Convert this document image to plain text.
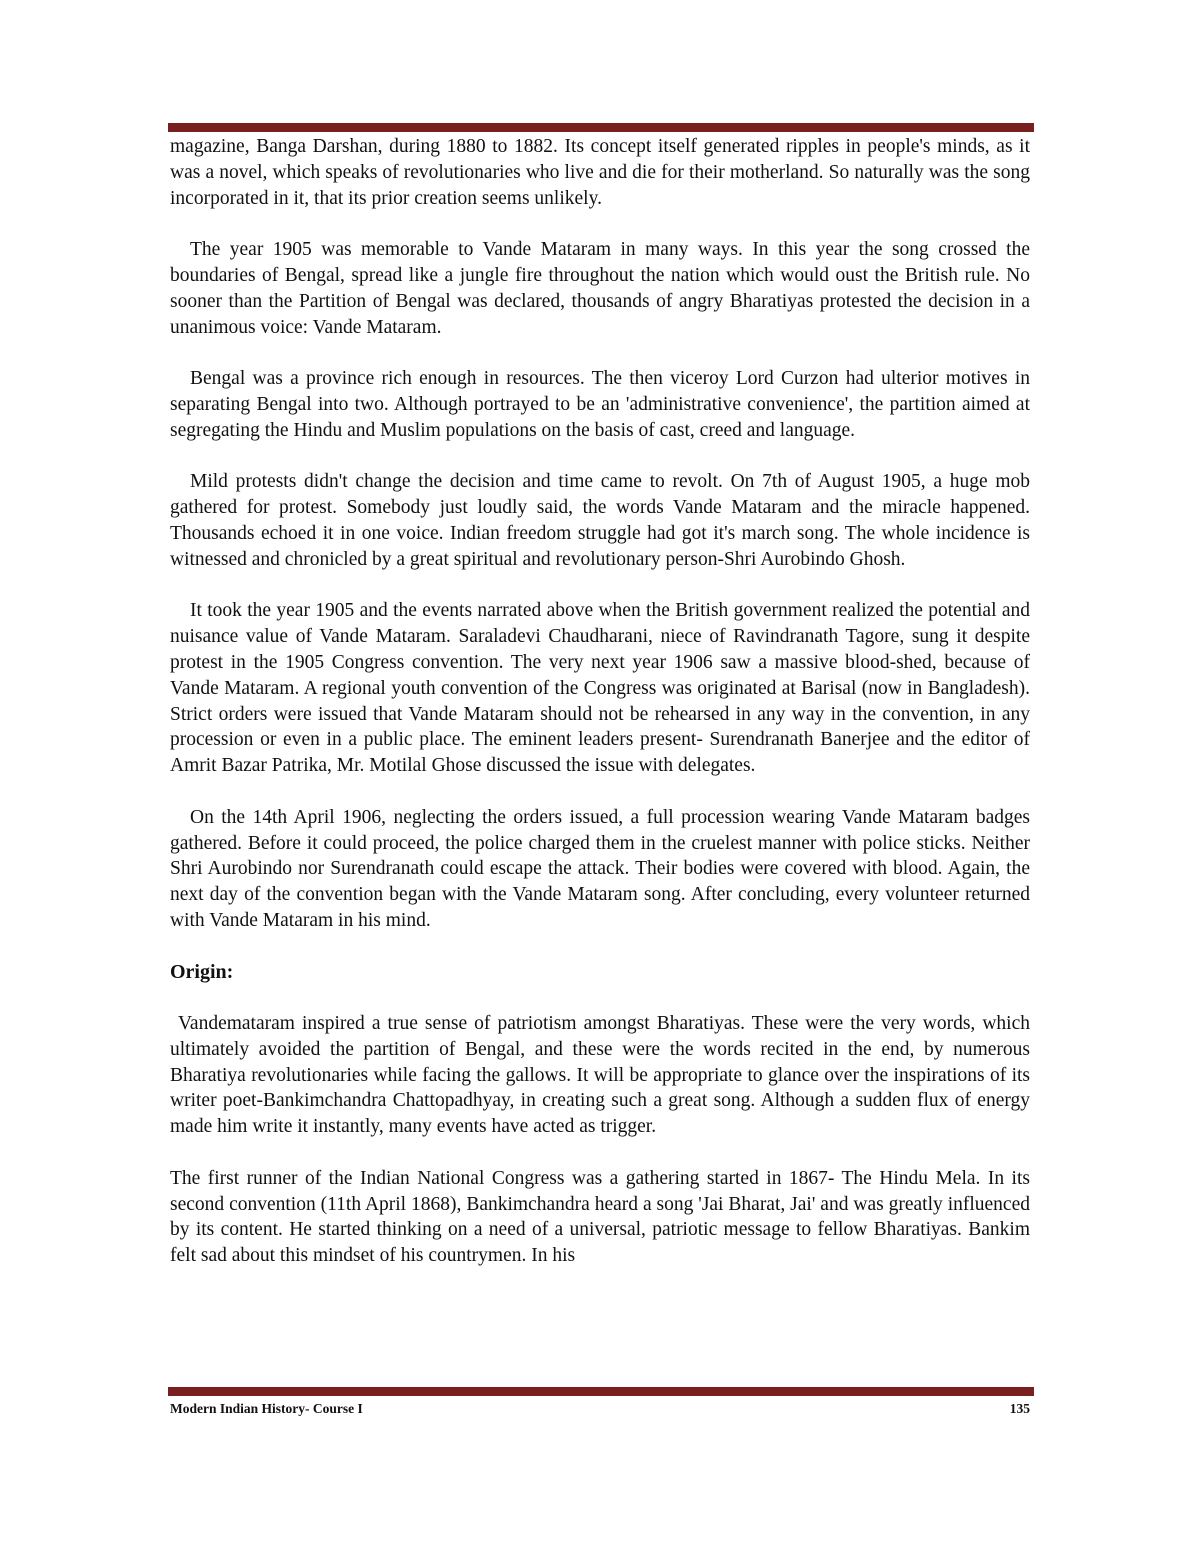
magazine, Banga Darshan, during 1880 to 1882. Its concept itself generated ripples in people's minds, as it was a novel, which speaks of revolutionaries who live and die for their motherland. So naturally was the song incorporated in it, that its prior creation seems unlikely.

The year 1905 was memorable to Vande Mataram in many ways. In this year the song crossed the boundaries of Bengal, spread like a jungle fire throughout the nation which would oust the British rule. No sooner than the Partition of Bengal was declared, thousands of angry Bharatiyas protested the decision in a unanimous voice: Vande Mataram.

Bengal was a province rich enough in resources. The then viceroy Lord Curzon had ulterior motives in separating Bengal into two. Although portrayed to be an 'administrative convenience', the partition aimed at segregating the Hindu and Muslim populations on the basis of cast, creed and language.

Mild protests didn't change the decision and time came to revolt. On 7th of August 1905, a huge mob gathered for protest. Somebody just loudly said, the words Vande Mataram and the miracle happened. Thousands echoed it in one voice. Indian freedom struggle had got it's march song. The whole incidence is witnessed and chronicled by a great spiritual and revolutionary person-Shri Aurobindo Ghosh.

It took the year 1905 and the events narrated above when the British government realized the potential and nuisance value of Vande Mataram. Saraladevi Chaudharani, niece of Ravindranath Tagore, sung it despite protest in the 1905 Congress convention. The very next year 1906 saw a massive blood-shed, because of Vande Mataram. A regional youth convention of the Congress was originated at Barisal (now in Bangladesh). Strict orders were issued that Vande Mataram should not be rehearsed in any way in the convention, in any procession or even in a public place. The eminent leaders present- Surendranath Banerjee and the editor of Amrit Bazar Patrika, Mr. Motilal Ghose discussed the issue with delegates.

On the 14th April 1906, neglecting the orders issued, a full procession wearing Vande Mataram badges gathered. Before it could proceed, the police charged them in the cruelest manner with police sticks. Neither Shri Aurobindo nor Surendranath could escape the attack. Their bodies were covered with blood. Again, the next day of the convention began with the Vande Mataram song. After concluding, every volunteer returned with Vande Mataram in his mind.

Origin:

Vandemataram inspired a true sense of patriotism amongst Bharatiyas. These were the very words, which ultimately avoided the partition of Bengal, and these were the words recited in the end, by numerous Bharatiya revolutionaries while facing the gallows. It will be appropriate to glance over the inspirations of its writer poet-Bankimchandra Chattopadhyay, in creating such a great song. Although a sudden flux of energy made him write it instantly, many events have acted as trigger.

The first runner of the Indian National Congress was a gathering started in 1867- The Hindu Mela. In its second convention (11th April 1868), Bankimchandra heard a song 'Jai Bharat, Jai' and was greatly influenced by its content. He started thinking on a need of a universal, patriotic message to fellow Bharatiyas. Bankim felt sad about this mindset of his countrymen. In his

Modern Indian History- Course I	135
